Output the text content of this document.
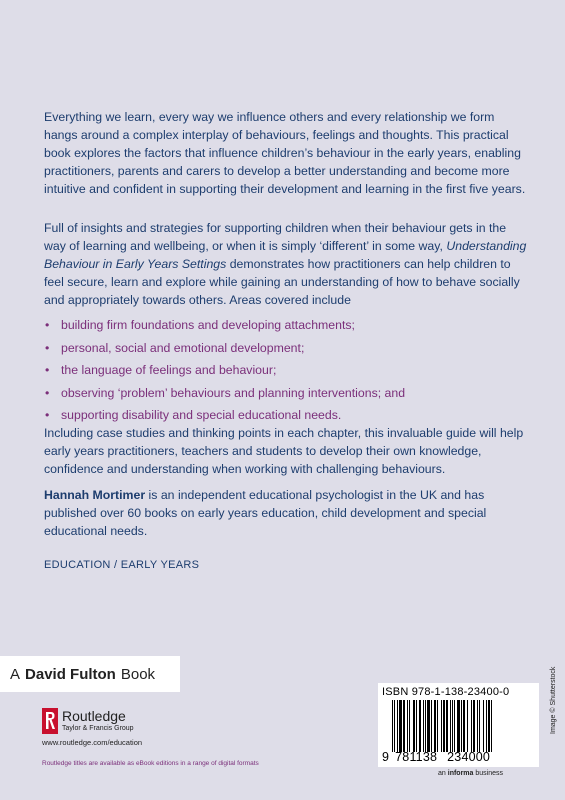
Everything we learn, every way we influence others and every relationship we form hangs around a complex interplay of behaviours, feelings and thoughts. This practical book explores the factors that influence children’s behaviour in the early years, enabling practitioners, parents and carers to develop a better understanding and become more intuitive and confident in supporting their development and learning in the first five years.

Full of insights and strategies for supporting children when their behaviour gets in the way of learning and wellbeing, or when it is simply ‘different’ in some way, Understanding Behaviour in Early Years Settings demonstrates how practitioners can help children to feel secure, learn and explore while gaining an understanding of how to behave socially and appropriately towards others. Areas covered include

• building firm foundations and developing attachments;
• personal, social and emotional development;
• the language of feelings and behaviour;
• observing ‘problem’ behaviours and planning interventions; and
• supporting disability and special educational needs.

Including case studies and thinking points in each chapter, this invaluable guide will help early years practitioners, teachers and students to develop their own knowledge, confidence and understanding when working with challenging behaviours.

Hannah Mortimer is an independent educational psychologist in the UK and has published over 60 books on early years education, child development and special educational needs.

EDUCATION / EARLY YEARS
A David Fulton Book
Routledge
Taylor & Francis Group
www.routledge.com/education
Routledge titles are available as eBook editions in a range of digital formats
ISBN 978-1-138-23400-0
9 781138 234000
Image © Shutterstock
an informa business
